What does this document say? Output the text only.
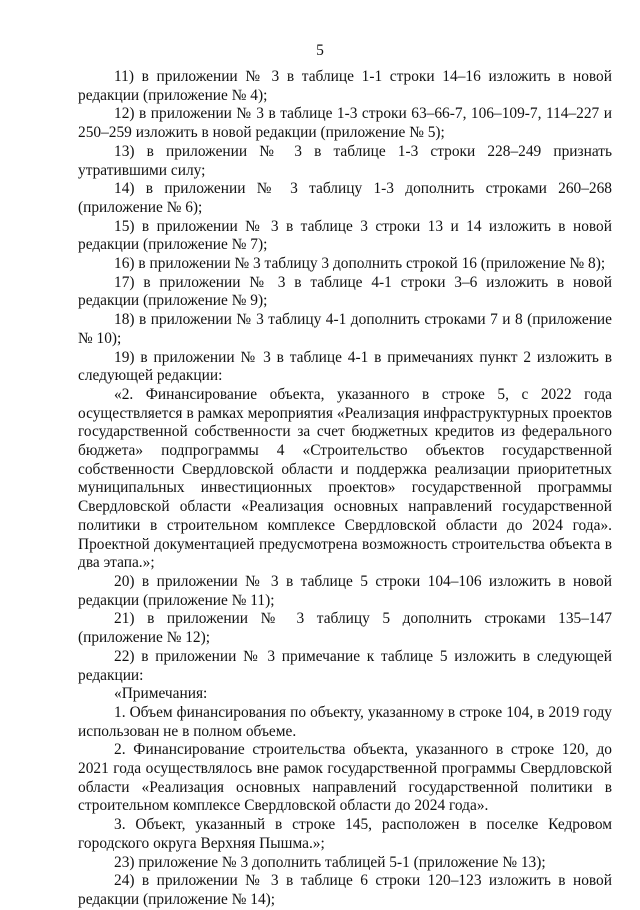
5

11) в приложении № 3 в таблице 1-1 строки 14–16 изложить в новой редакции (приложение № 4);

12) в приложении № 3 в таблице 1-3 строки 63–66-7, 106–109-7, 114–227 и 250–259 изложить в новой редакции (приложение № 5);

13) в приложении № 3 в таблице 1-3 строки 228–249 признать утратившими силу;

14) в приложении № 3 таблицу 1-3 дополнить строками 260–268 (приложение № 6);

15) в приложении № 3 в таблице 3 строки 13 и 14 изложить в новой редакции (приложение № 7);

16) в приложении № 3 таблицу 3 дополнить строкой 16 (приложение № 8);

17) в приложении № 3 в таблице 4-1 строки 3–6 изложить в новой редакции (приложение № 9);

18) в приложении № 3 таблицу 4-1 дополнить строками 7 и 8 (приложение № 10);

19) в приложении № 3 в таблице 4-1 в примечаниях пункт 2 изложить в следующей редакции:

«2. Финансирование объекта, указанного в строке 5, с 2022 года осуществляется в рамках мероприятия «Реализация инфраструктурных проектов государственной собственности за счет бюджетных кредитов из федерального бюджета» подпрограммы 4 «Строительство объектов государственной собственности Свердловской области и поддержка реализации приоритетных муниципальных инвестиционных проектов» государственной программы Свердловской области «Реализация основных направлений государственной политики в строительном комплексе Свердловской области до 2024 года». Проектной документацией предусмотрена возможность строительства объекта в два этапа.»;

20) в приложении № 3 в таблице 5 строки 104–106 изложить в новой редакции (приложение № 11);

21) в приложении № 3 таблицу 5 дополнить строками 135–147 (приложение № 12);

22) в приложении № 3 примечание к таблице 5 изложить в следующей редакции:

«Примечания:

1. Объем финансирования по объекту, указанному в строке 104, в 2019 году использован не в полном объеме.

2. Финансирование строительства объекта, указанного в строке 120, до 2021 года осуществлялось вне рамок государственной программы Свердловской области «Реализация основных направлений государственной политики в строительном комплексе Свердловской области до 2024 года».

3. Объект, указанный в строке 145, расположен в поселке Кедровом городского округа Верхняя Пышма.»;

23) приложение № 3 дополнить таблицей 5-1 (приложение № 13);

24) в приложении № 3 в таблице 6 строки 120–123 изложить в новой редакции (приложение № 14);
